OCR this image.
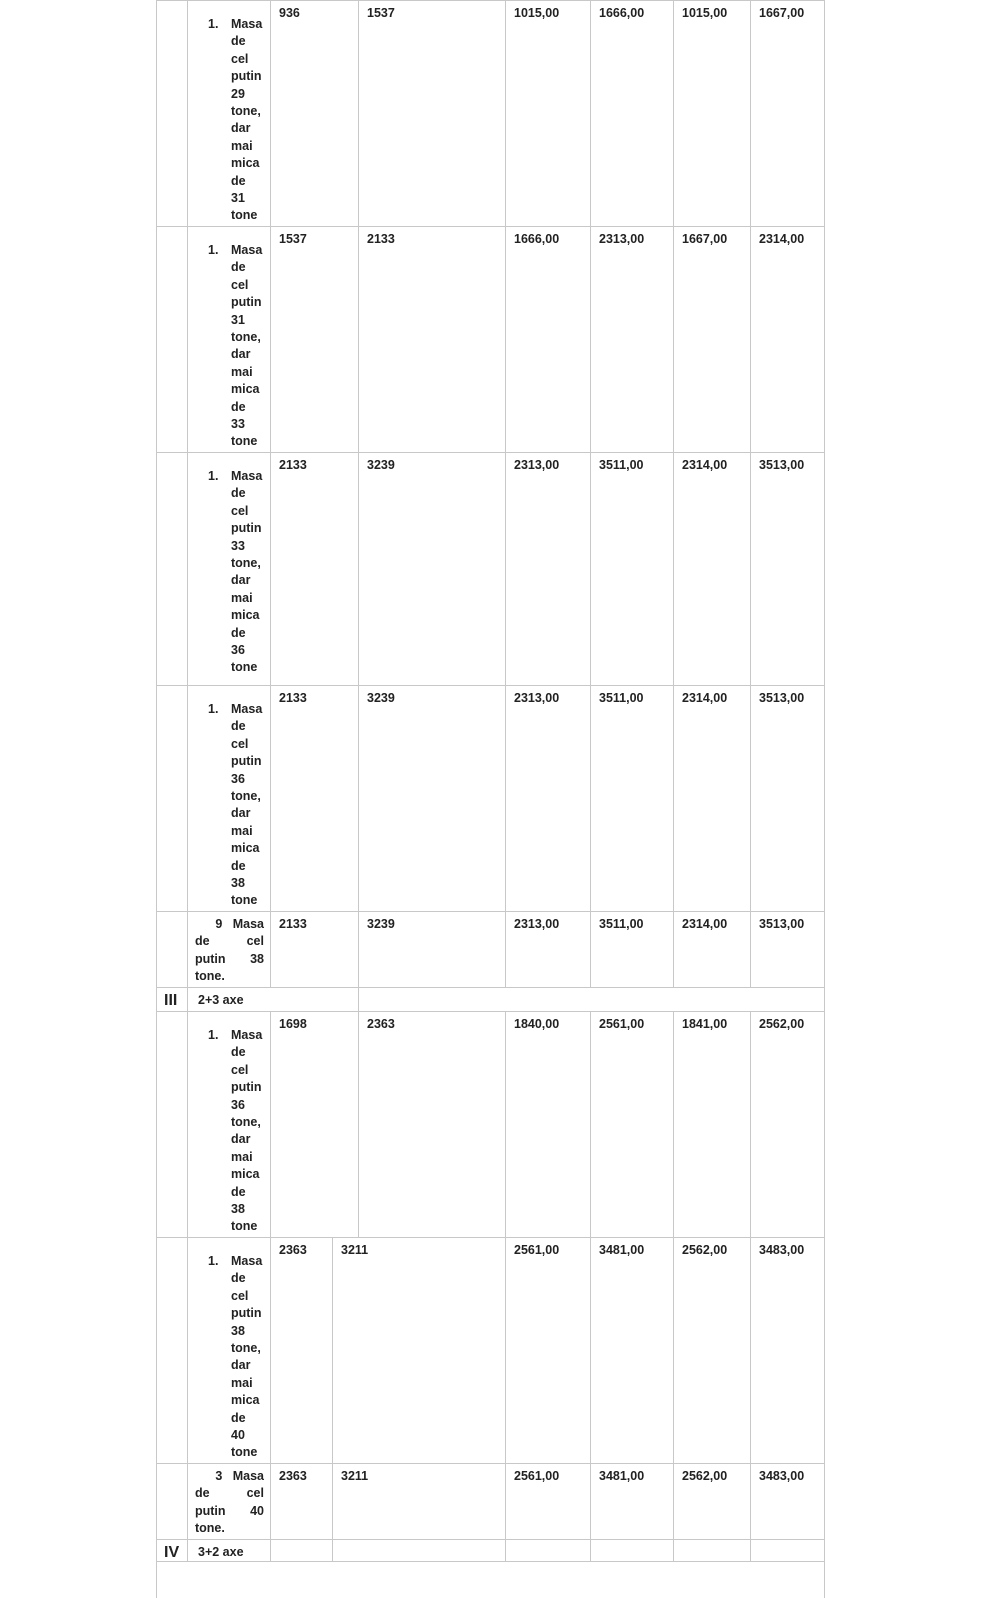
1. Masa
de
cel
putin
29
tone,
dar
mai
mica
de
31
tone
936	1537	1015,00	1666,00	1015,00	1667,00
1. Masa
de
cel
putin
31
tone,
dar
mai
mica
de
33
tone
1537	2133	1666,00	2313,00	1667,00	2314,00
1. Masa
de
cel
putin
33
tone,
dar
mai
mica
de
36
tone
2133	3239	2313,00	3511,00	2314,00	3513,00
1. Masa
de
cel
putin
36
tone,
dar
mai
mica
de
38
tone
2133	3239	2313,00	3511,00	2314,00	3513,00
9 Masa
de	cel
putin 38
tone.
2133	3239	2313,00	3511,00	2314,00	3513,00
III 2+3 axe
1. Masa
de
cel
putin
36
tone,
dar
mai
mica
de
38
tone
1698	2363	1840,00	2561,00	1841,00	2562,00
1. Masa
de
cel
putin
38
tone,
dar
mai
mica
de
40
tone
2363	3211	2561,00	3481,00	2562,00	3483,00
3 Masa
de	cel
putin 40
tone.
2363	3211	2561,00	3481,00	2562,00	3483,00
IV 3+2 axe
